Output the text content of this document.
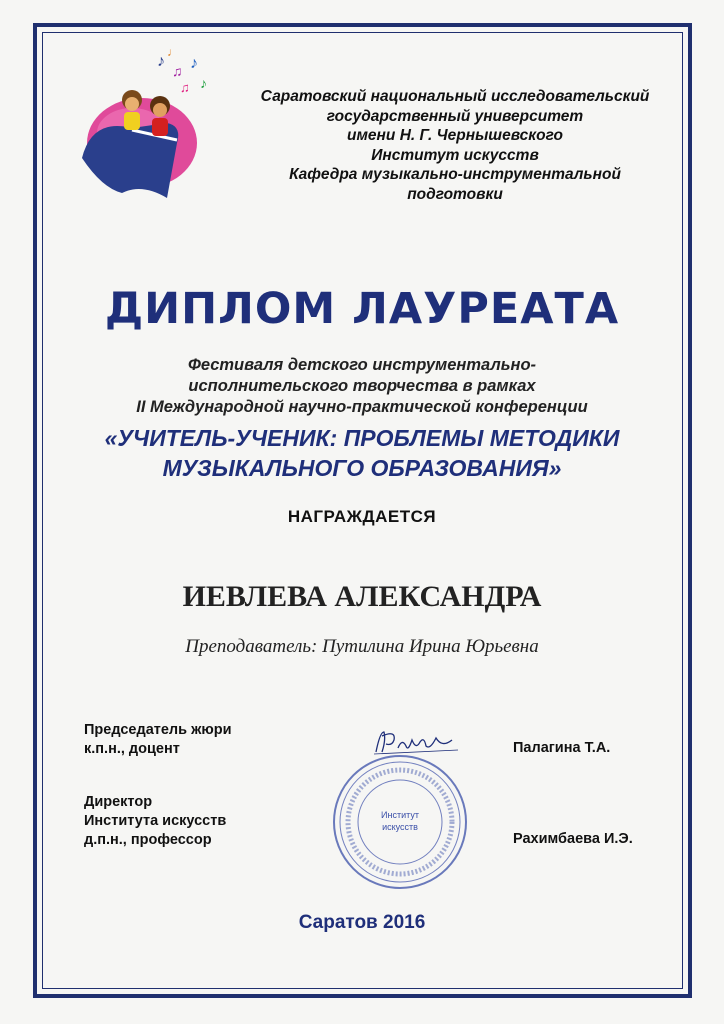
♪
♫ ♪
♫ ♪
♩
Саратовский национальный исследовательский
государственный университет
имени Н. Г. Чернышевского
Институт искусств
Кафедра музыкально-инструментальной
подготовки
ДИПЛОМ ЛАУРЕАТА
Фестиваля детского инструментально-
исполнительского творчества в рамках
II Международной научно-практической конференции
«УЧИТЕЛЬ-УЧЕНИК: ПРОБЛЕМЫ МЕТОДИКИ
МУЗЫКАЛЬНОГО ОБРАЗОВАНИЯ»
НАГРАЖДАЕТСЯ
ИЕВЛЕВА АЛЕКСАНДРА
Преподаватель: Путилина Ирина Юрьевна
Председатель жюри
к.п.н., доцент	Палагина Т.А.
Директор
Института искусств
д.п.н., профессор	Рахимбаева И.Э.
Институт
искусств
Саратов 2016
